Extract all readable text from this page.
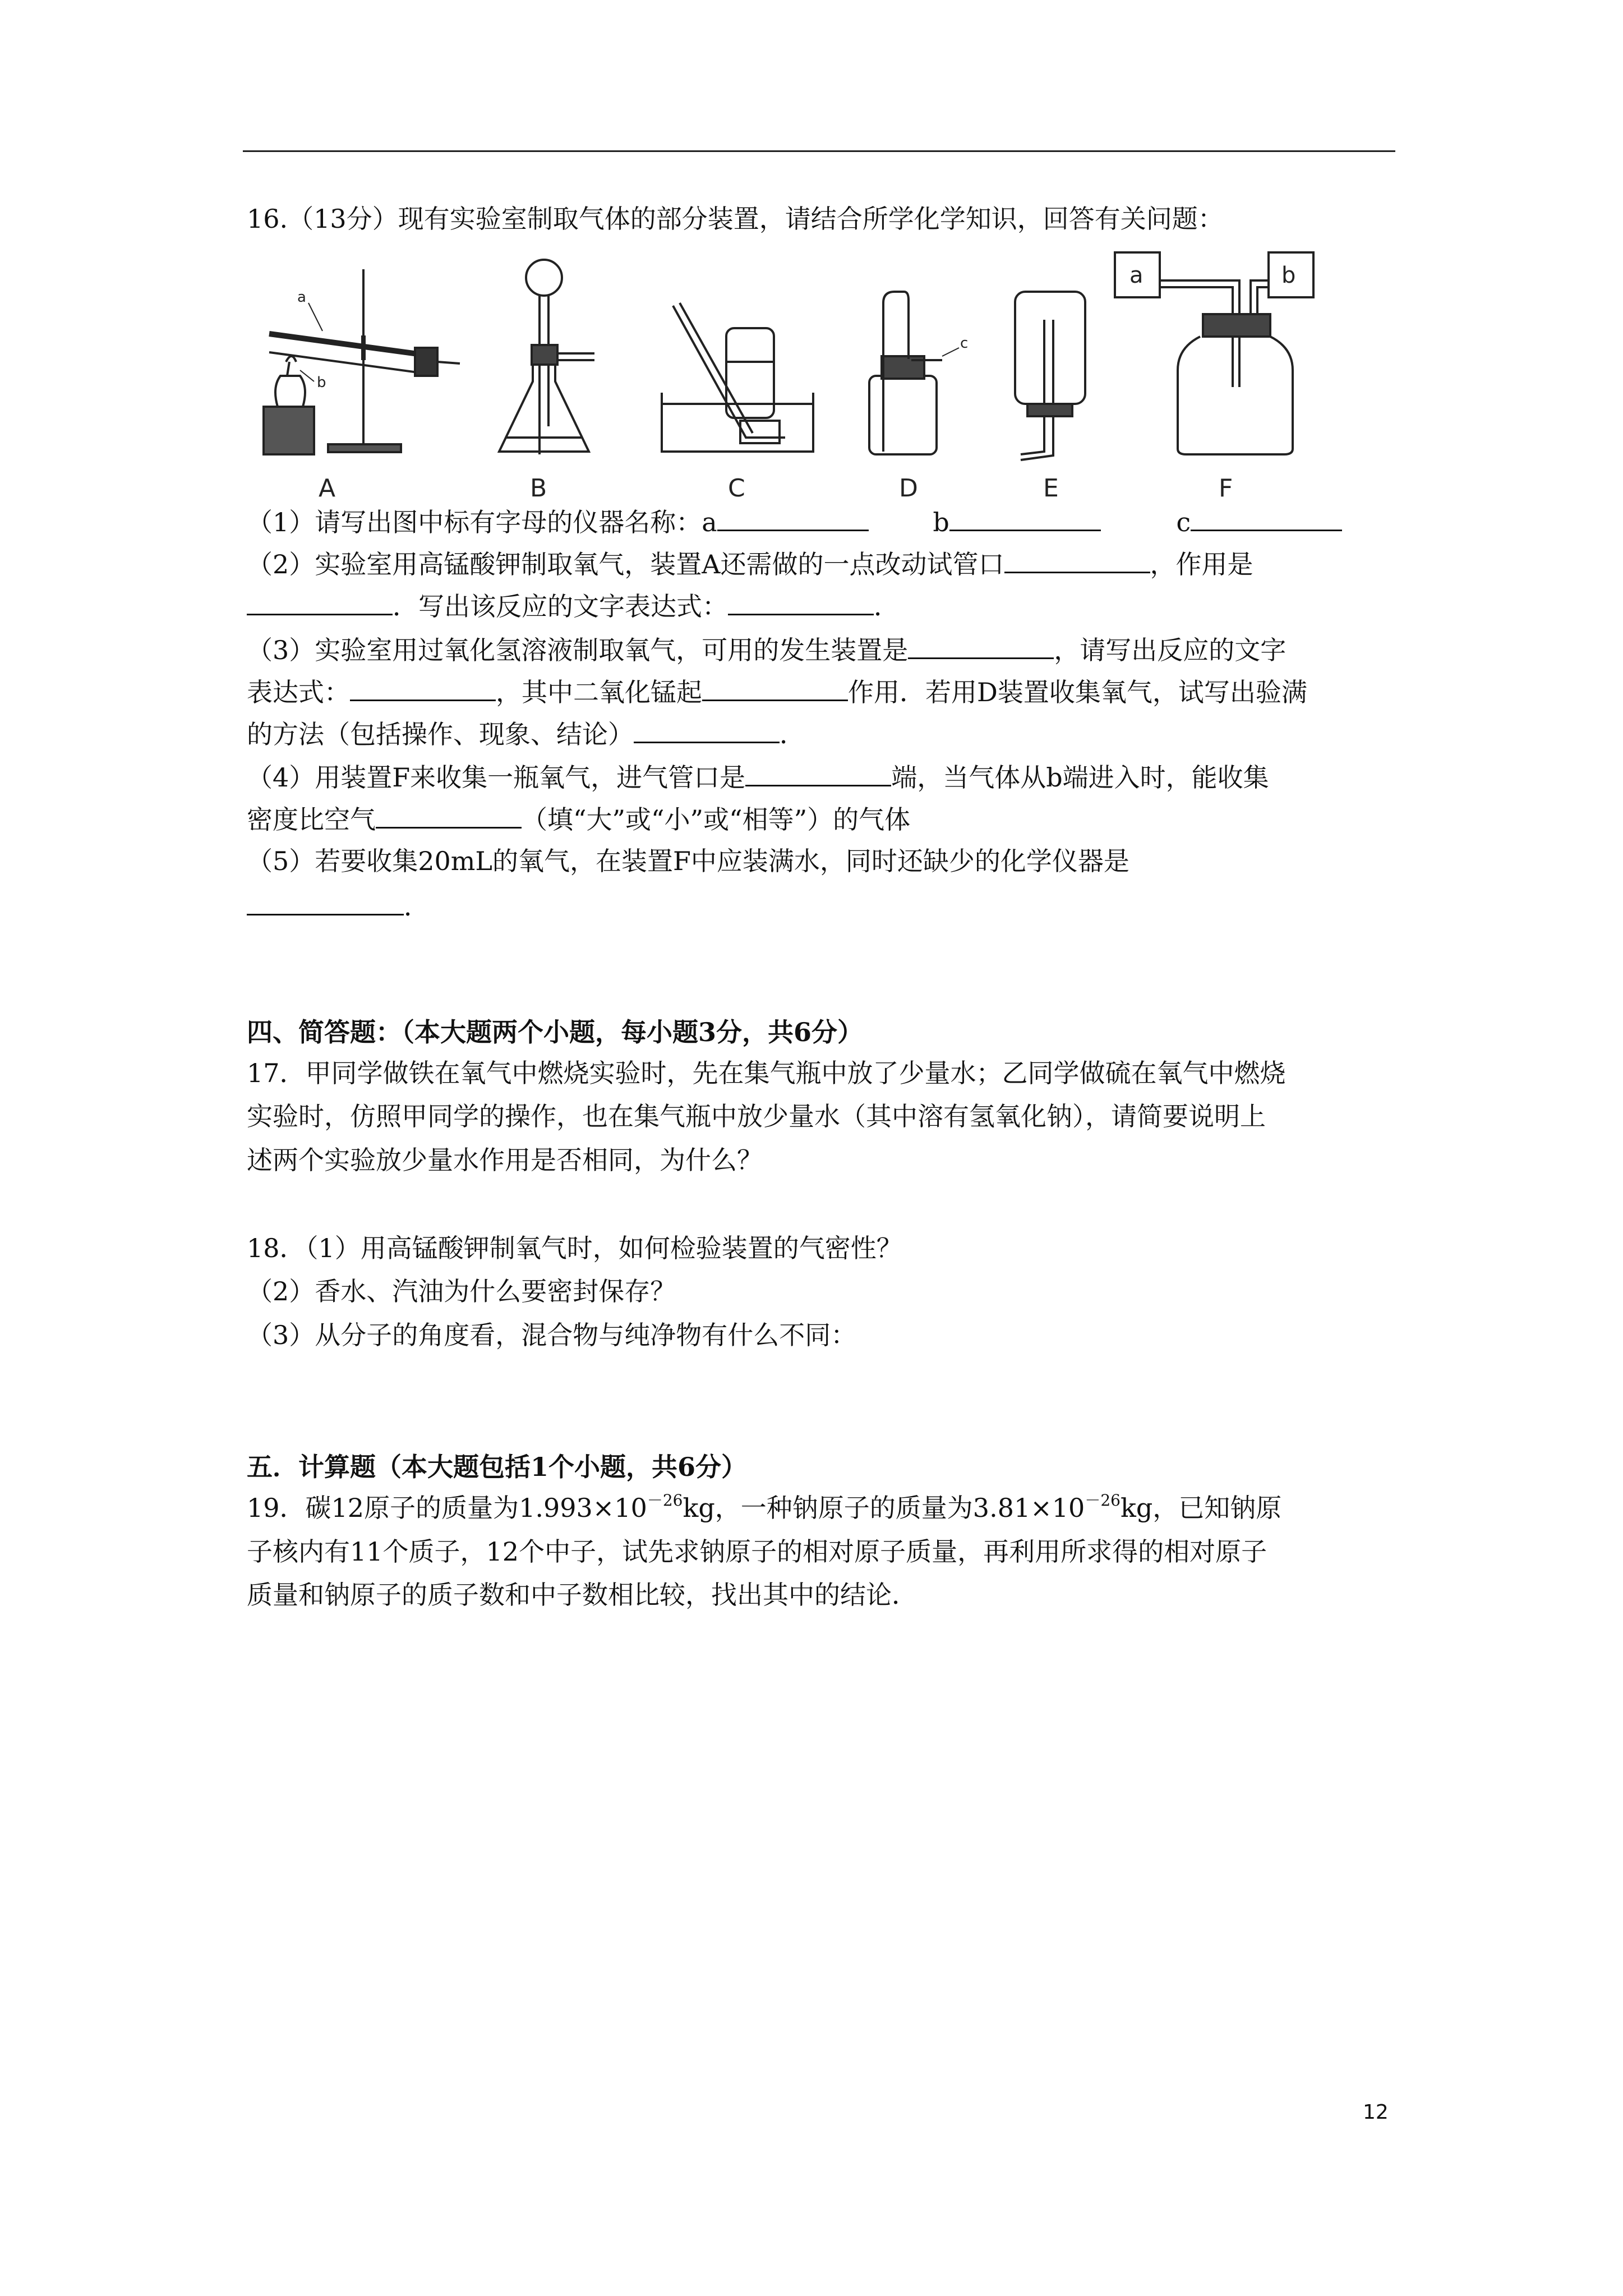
16.（13分）现有实验室制取气体的部分装置，请结合所学化学知识，回答有关问题：
a
b
c
a	b
A	B	C	D	E	F
（1）请写出图中标有字母的仪器名称：a	b	c
（2）实验室用高锰酸钾制取氧气，装置A还需做的一点改动试管口	，作用是
．写出该反应的文字表达式：	．
（3）实验室用过氧化氢溶液制取氧气，可用的发生装置是	，请写出反应的文字
表达式：	，其中二氧化锰起	作用．若用D装置收集氧气，试写出验满
的方法（包括操作、现象、结论）	．
（4）用装置F来收集一瓶氧气，进气管口是	端，当气体从b端进入时，能收集
密度比空气	（填“大”或“小”或“相等”）的气体
（5）若要收集20mL的氧气，在装置F中应装满水，同时还缺少的化学仪器是
．
四、简答题：（本大题两个小题，每小题3分，共6分）
17．甲同学做铁在氧气中燃烧实验时，先在集气瓶中放了少量水；乙同学做硫在氧气中燃烧
实验时，仿照甲同学的操作，也在集气瓶中放少量水（其中溶有氢氧化钠），请简要说明上
述两个实验放少量水作用是否相同，为什么？
18．（1）用高锰酸钾制氧气时，如何检验装置的气密性？
（2）香水、汽油为什么要密封保存？
（3）从分子的角度看，混合物与纯净物有什么不同：
五．计算题（本大题包括1个小题，共6分）
19．碳12原子的质量为$1.993\times 10^{-26}kg$，一种钠原子的质量为$3.81\times 10^{-26}kg$，已知钠原
子核内有11个质子，12个中子，试先求钠原子的相对原子质量，再利用所求得的相对原子
质量和钠原子的质子数和中子数相比较，找出其中的结论．
12
